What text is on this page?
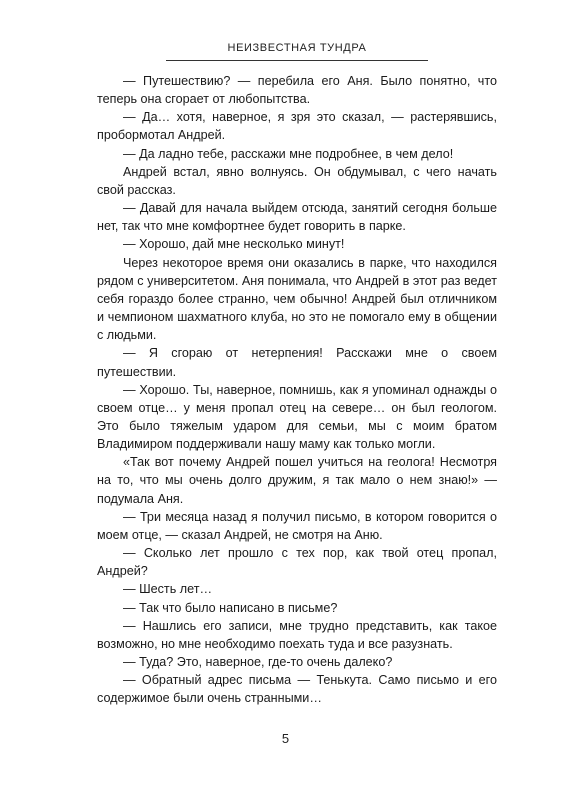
НЕИЗВЕСТНАЯ ТУНДРА

— Путешествию? — перебила его Аня. Было понятно, что теперь она сгорает от любопытства.

— Да… хотя, наверное, я зря это сказал, — растерявшись, пробормотал Андрей.

— Да ладно тебе, расскажи мне подробнее, в чем дело!

Андрей встал, явно волнуясь. Он обдумывал, с чего начать свой рассказ.

— Давай для начала выйдем отсюда, занятий сегодня больше нет, так что мне комфортнее будет говорить в парке.

— Хорошо, дай мне несколько минут!

Через некоторое время они оказались в парке, что находился рядом с университетом. Аня понимала, что Андрей в этот раз ведет себя гораздо более странно, чем обычно! Андрей был отличником и чемпионом шахматного клуба, но это не помогало ему в общении с людьми.

— Я сгораю от нетерпения! Расскажи мне о своем путешествии.

— Хорошо. Ты, наверное, помнишь, как я упоминал однажды о своем отце… у меня пропал отец на севере… он был геологом. Это было тяжелым ударом для семьи, мы с моим братом Владимиром поддерживали нашу маму как только могли.

«Так вот почему Андрей пошел учиться на геолога! Несмотря на то, что мы очень долго дружим, я так мало о нем знаю!» — подумала Аня.

— Три месяца назад я получил письмо, в котором говорится о моем отце, — сказал Андрей, не смотря на Аню.

— Сколько лет прошло с тех пор, как твой отец пропал, Андрей?

— Шесть лет…

— Так что было написано в письме?

— Нашлись его записи, мне трудно представить, как такое возможно, но мне необходимо поехать туда и все разузнать.

— Туда? Это, наверное, где-то очень далеко?

— Обратный адрес письма — Тенькута. Само письмо и его содержимое были очень странными…

5
